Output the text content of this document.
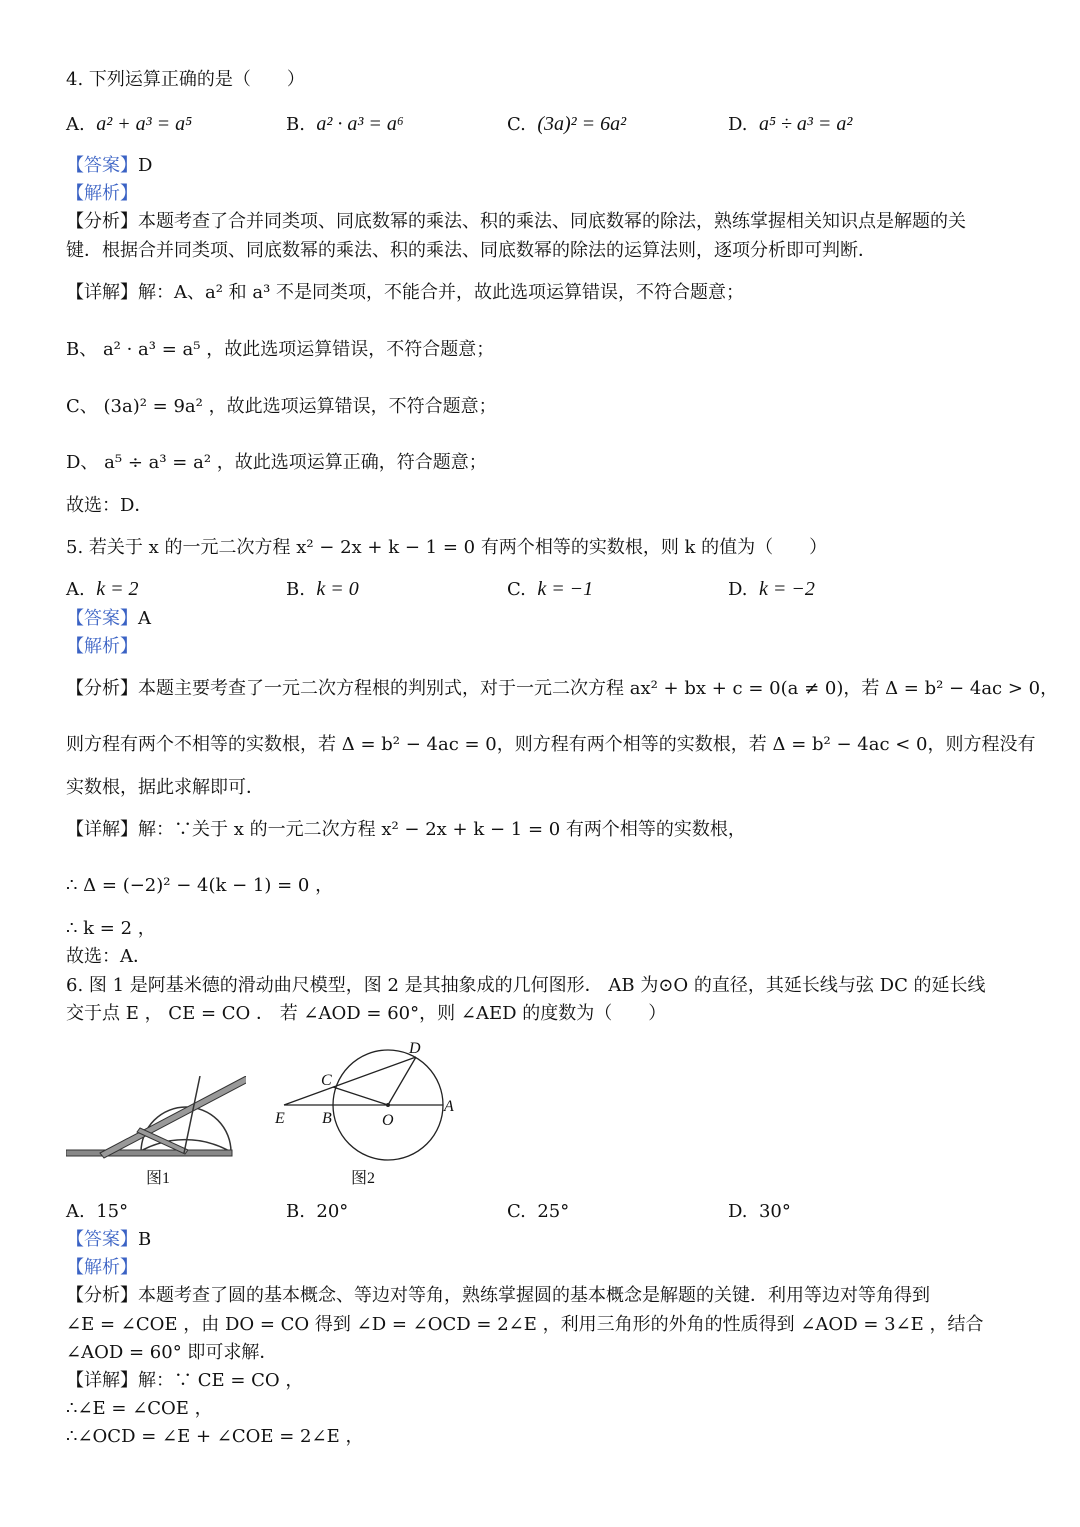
4. 下列运算正确的是（　　）
A. a² + a³ = a⁵	B. a² · a³ = a⁶	C. (3a)² = 6a²	D. a⁵ ÷ a³ = a²
【答案】D
【解析】
【分析】本题考查了合并同类项、同底数幂的乘法、积的乘法、同底数幂的除法，熟练掌握相关知识点是解题的关
键．根据合并同类项、同底数幂的乘法、积的乘法、同底数幂的除法的运算法则，逐项分析即可判断．
【详解】解：A、a² 和 a³ 不是同类项，不能合并，故此选项运算错误，不符合题意；
B、 a² · a³ = a⁵ ，故此选项运算错误，不符合题意；
C、 (3a)² = 9a² ，故此选项运算错误，不符合题意；
D、 a⁵ ÷ a³ = a² ，故此选项运算正确，符合题意；
故选：D．
5. 若关于 x 的一元二次方程 x² − 2x + k − 1 = 0 有两个相等的实数根，则 k 的值为（　　）
A. k = 2	B. k = 0	C. k = −1	D. k = −2
【答案】A
【解析】
【分析】本题主要考查了一元二次方程根的判别式，对于一元二次方程 ax² + bx + c = 0(a ≠ 0)，若 Δ = b² − 4ac > 0，
则方程有两个不相等的实数根，若 Δ = b² − 4ac = 0，则方程有两个相等的实数根，若 Δ = b² − 4ac < 0，则方程没有
实数根，据此求解即可．
【详解】解：∵关于 x 的一元二次方程 x² − 2x + k − 1 = 0 有两个相等的实数根，
∴ Δ = (−2)² − 4(k − 1) = 0 ，
∴ k = 2 ，
故选：A．
6. 图 1 是阿基米德的滑动曲尺模型，图 2 是其抽象成的几何图形． AB 为⊙O 的直径，其延长线与弦 DC 的延长线
交于点 E ， CE = CO ． 若 ∠AOD = 60°，则 ∠AED 的度数为（　　）
图1
D
C
E B	O
A
图2
A. 15°	B. 20°	C. 25°	D. 30°
【答案】B
【解析】
【分析】本题考查了圆的基本概念、等边对等角，熟练掌握圆的基本概念是解题的关键．利用等边对等角得到
∠E = ∠COE ，由 DO = CO 得到 ∠D = ∠OCD = 2∠E ，利用三角形的外角的性质得到 ∠AOD = 3∠E ，结合
∠AOD = 60° 即可求解．
【详解】解：∵ CE = CO ，
∴∠E = ∠COE ，
∴∠OCD = ∠E + ∠COE = 2∠E ，
